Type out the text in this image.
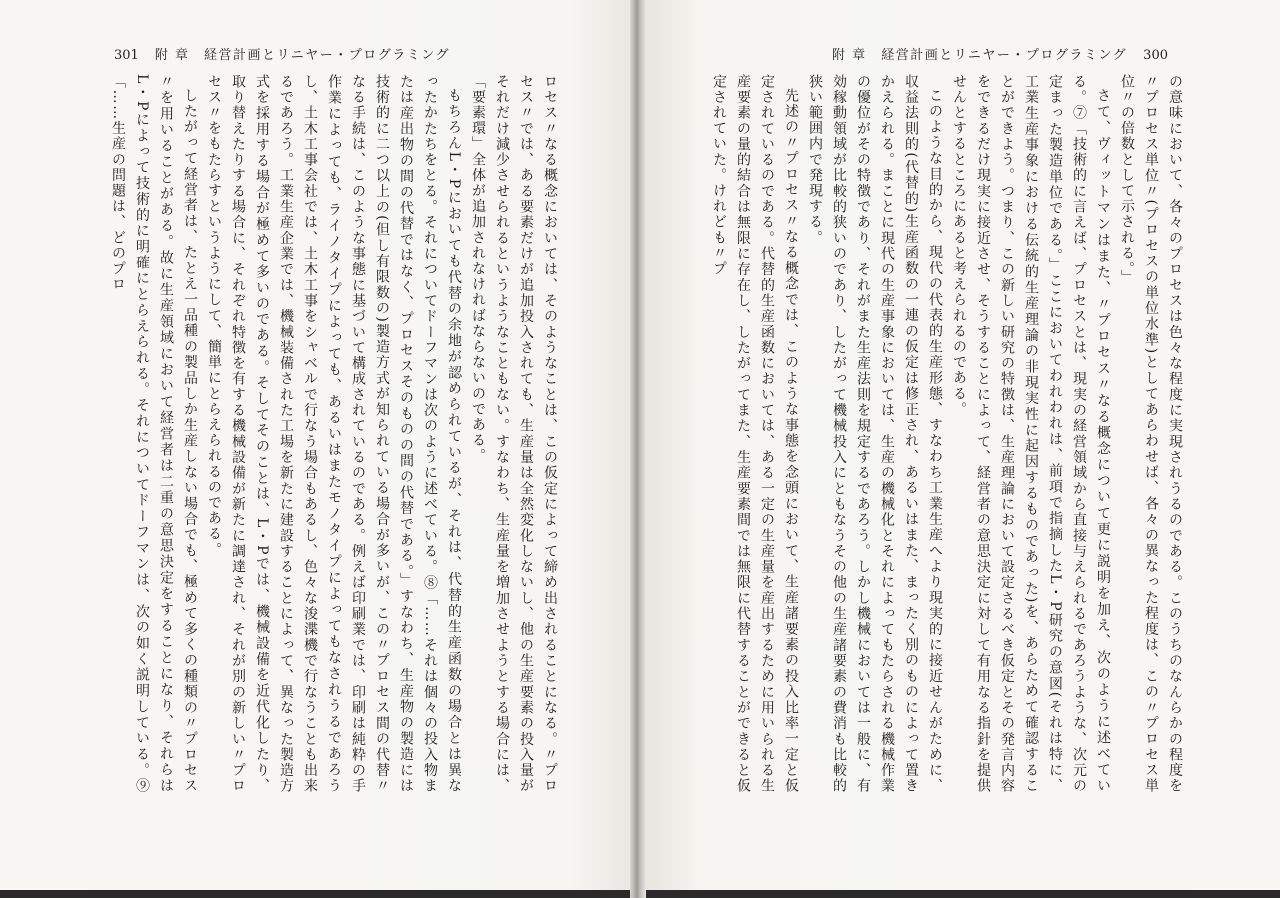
301 附 章　 経営計画とリニヤー・プログラミング

ロセス〃なる概念においては、そのようなことは、この仮定によって締め出されることになる。〃プロセス〃では、ある要素だけが追加投入されても、生産量は全然変化しないし、他の生産要素の投入量がそれだけ減少させられるというようなこともない。すなわち、生産量を増加させようとする場合には、「要素環」全体が追加されなければならないのである。

もちろんL・Pにおいても代替の余地が認められているが、それは、代替的生産函数の場合とは異なったかたちをとる。それについてドーフマンは次のように述べている。⑧「……それは個々の投入物または産出物の間の代替ではなく、プロセスそのものの間の代替である。」すなわち、生産物の製造には技術的に二つ以上の(但し有限数の)製造方式が知られている場合が多いが、この〃プロセス間の代替〃なる手続は、このような事態に基づいて構成されているのである。例えば印刷業では、印刷は純粋の手作業によっても、ライノタイプによっても、あるいはまたモノタイプによってもなされうるであろうし、土木工事会社では、土木工事をシャベルで行なう場合もあるし、色々な浚渫機で行なうことも出来るであろう。工業生産企業では、機械装備された工場を新たに建設することによって、異なった製造方式を採用する場合が極めて多いのである。そしてそのことは、L・Pでは、機械設備を近代化したり、取り替えたりする場合に、それぞれ特徴を有する機械設備が新たに調達され、それが別の新しい〃プロセス〃をもたらすというようにして、簡単にとらえられるのである。

したがって経営者は、たとえ一品種の製品しか生産しない場合でも、極めて多くの種類の〃プロセス〃を用いることがある。故に生産領域において経営者は二重の意思決定をすることになり、それらはL・Pによって技術的に明確にとらえられる。それについてドーフマンは、次の如く説明している。⑨「……生産の問題は、どのプロ

附 章　 経営計画とリニヤー・プログラミング 300

の意味において、各々のプロセスは色々な程度に実現されうるのである。このうちのなんらかの程度を〃プロセス単位〃(プロセスの単位水準)としてあらわせば、各々の異なった程度は、この〃プロセス単位〃の倍数として示される。」

さて、ヴィットマンはまた、〃プロセス〃なる概念について更に説明を加え、次のように述べている。⑦「技術的に言えば、プロセスとは、現実の経営領域から直接与えられるであろうような、次元の定まった製造単位である。」ここにおいてわれわれは、前項で指摘したL・P研究の意図(それは特に、工業生産事象における伝統的生産理論の非現実性に起因するものであった)を、あらためて確認することができよう。つまり、この新しい研究の特徴は、生産理論において設定さるべき仮定とその発言内容をできるだけ現実に接近させ、そうすることによって、経営者の意思決定に対して有用なる指針を提供せんとするところにあると考えられるのである。

このような目的から、現代の代表的生産形態、すなわち工業生産へより現実的に接近せんがために、収益法則的(代替的)生産函数の一連の仮定は修正され、あるいはまた、まったく別のものによって置きかえられる。まことに現代の生産事象においては、生産の機械化とそれによってもたらされる機械作業の優位がその特徴であり、それがまた生産法則を規定するであろう。しかし機械においては一般に、有効稼動領域が比較的狭いのであり、したがって機械投入にともなうその他の生産諸要素の費消も比較的狭い範囲内で発現する。

先述の〃プロセス〃なる概念では、このような事態を念頭において、生産諸要素の投入比率一定と仮定されているのである。代替的生産函数においては、ある一定の生産量を産出するために用いられる生産要素の量的結合は無限に存在し、したがってまた、生産要素間では無限に代替することができると仮定されていた。けれども〃プ
